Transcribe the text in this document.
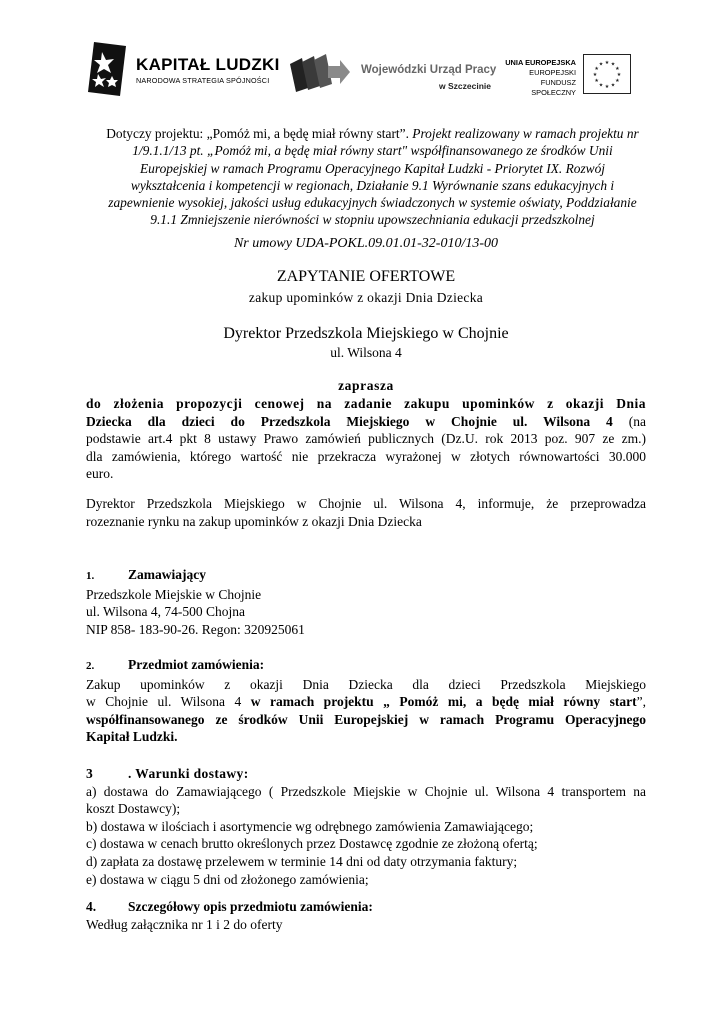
KAPITAŁ LUDZKI
NARODOWA STRATEGIA SPÓJNOŚCI
Wojewódzki Urząd Pracy
w Szczecinie
UNIA EUROPEJSKA
EUROPEJSKI
FUNDUSZ SPOŁECZNY
★ ★
★
★
★
★
★
★
★
★
★
★
Dotyczy projektu: „Pomóż mi, a będę miał równy start”. Projekt realizowany w ramach projektu nr
1/9.1.1/13 pt. „Pomóż mi, a będę miał równy start" współfinansowanego ze środków Unii
Europejskiej w ramach Programu Operacyjnego Kapitał Ludzki - Priorytet IX. Rozwój
wykształcenia i kompetencji w regionach, Działanie 9.1 Wyrównanie szans edukacyjnych i
zapewnienie wysokiej, jakości usług edukacyjnych świadczonych w systemie oświaty, Poddziałanie
9.1.1 Zmniejszenie nierówności w stopniu upowszechniania edukacji przedszkolnej
Nr umowy UDA-POKL.09.01.01-32-010/13-00
ZAPYTANIE OFERTOWE
zakup upominków z okazji Dnia Dziecka
Dyrektor Przedszkola Miejskiego w Chojnie
ul. Wilsona 4
zaprasza
do złożenia propozycji cenowej na zadanie zakupu upominków z okazji Dnia
Dziecka dla dzieci do Przedszkola Miejskiego w Chojnie ul. Wilsona 4 (na
podstawie art.4 pkt 8 ustawy Prawo zamówień publicznych (Dz.U. rok 2013 poz. 907 ze zm.)
dla zamówienia, którego wartość nie przekracza wyrażonej w złotych równowartości 30.000
euro.
Dyrektor Przedszkola Miejskiego w Chojnie ul. Wilsona 4, informuje, że przeprowadza
rozeznanie rynku na zakup upominków z okazji Dnia Dziecka
1.	Zamawiający
Przedszkole Miejskie w Chojnie
ul. Wilsona 4, 74-500 Chojna
NIP 858- 183-90-26. Regon: 320925061
2.	Przedmiot zamówienia:
Zakup upominków z okazji Dnia Dziecka dla dzieci Przedszkola Miejskiego
w Chojnie ul. Wilsona 4 w ramach projektu „ Pomóż mi, a będę miał równy start”,
współfinansowanego ze środków Unii Europejskiej w ramach Programu Operacyjnego
Kapitał Ludzki.
3	. Warunki dostawy:
a) dostawa do Zamawiającego ( Przedszkole Miejskie w Chojnie ul. Wilsona 4 transportem na
koszt Dostawcy);
b) dostawa w ilościach i asortymencie wg odrębnego zamówienia Zamawiającego;
c) dostawa w cenach brutto określonych przez Dostawcę zgodnie ze złożoną ofertą;
d) zapłata za dostawę przelewem w terminie 14 dni od daty otrzymania faktury;
e) dostawa w ciągu 5 dni od złożonego zamówienia;
4. Szczegółowy opis przedmiotu zamówienia:
Według załącznika nr 1 i 2 do oferty
